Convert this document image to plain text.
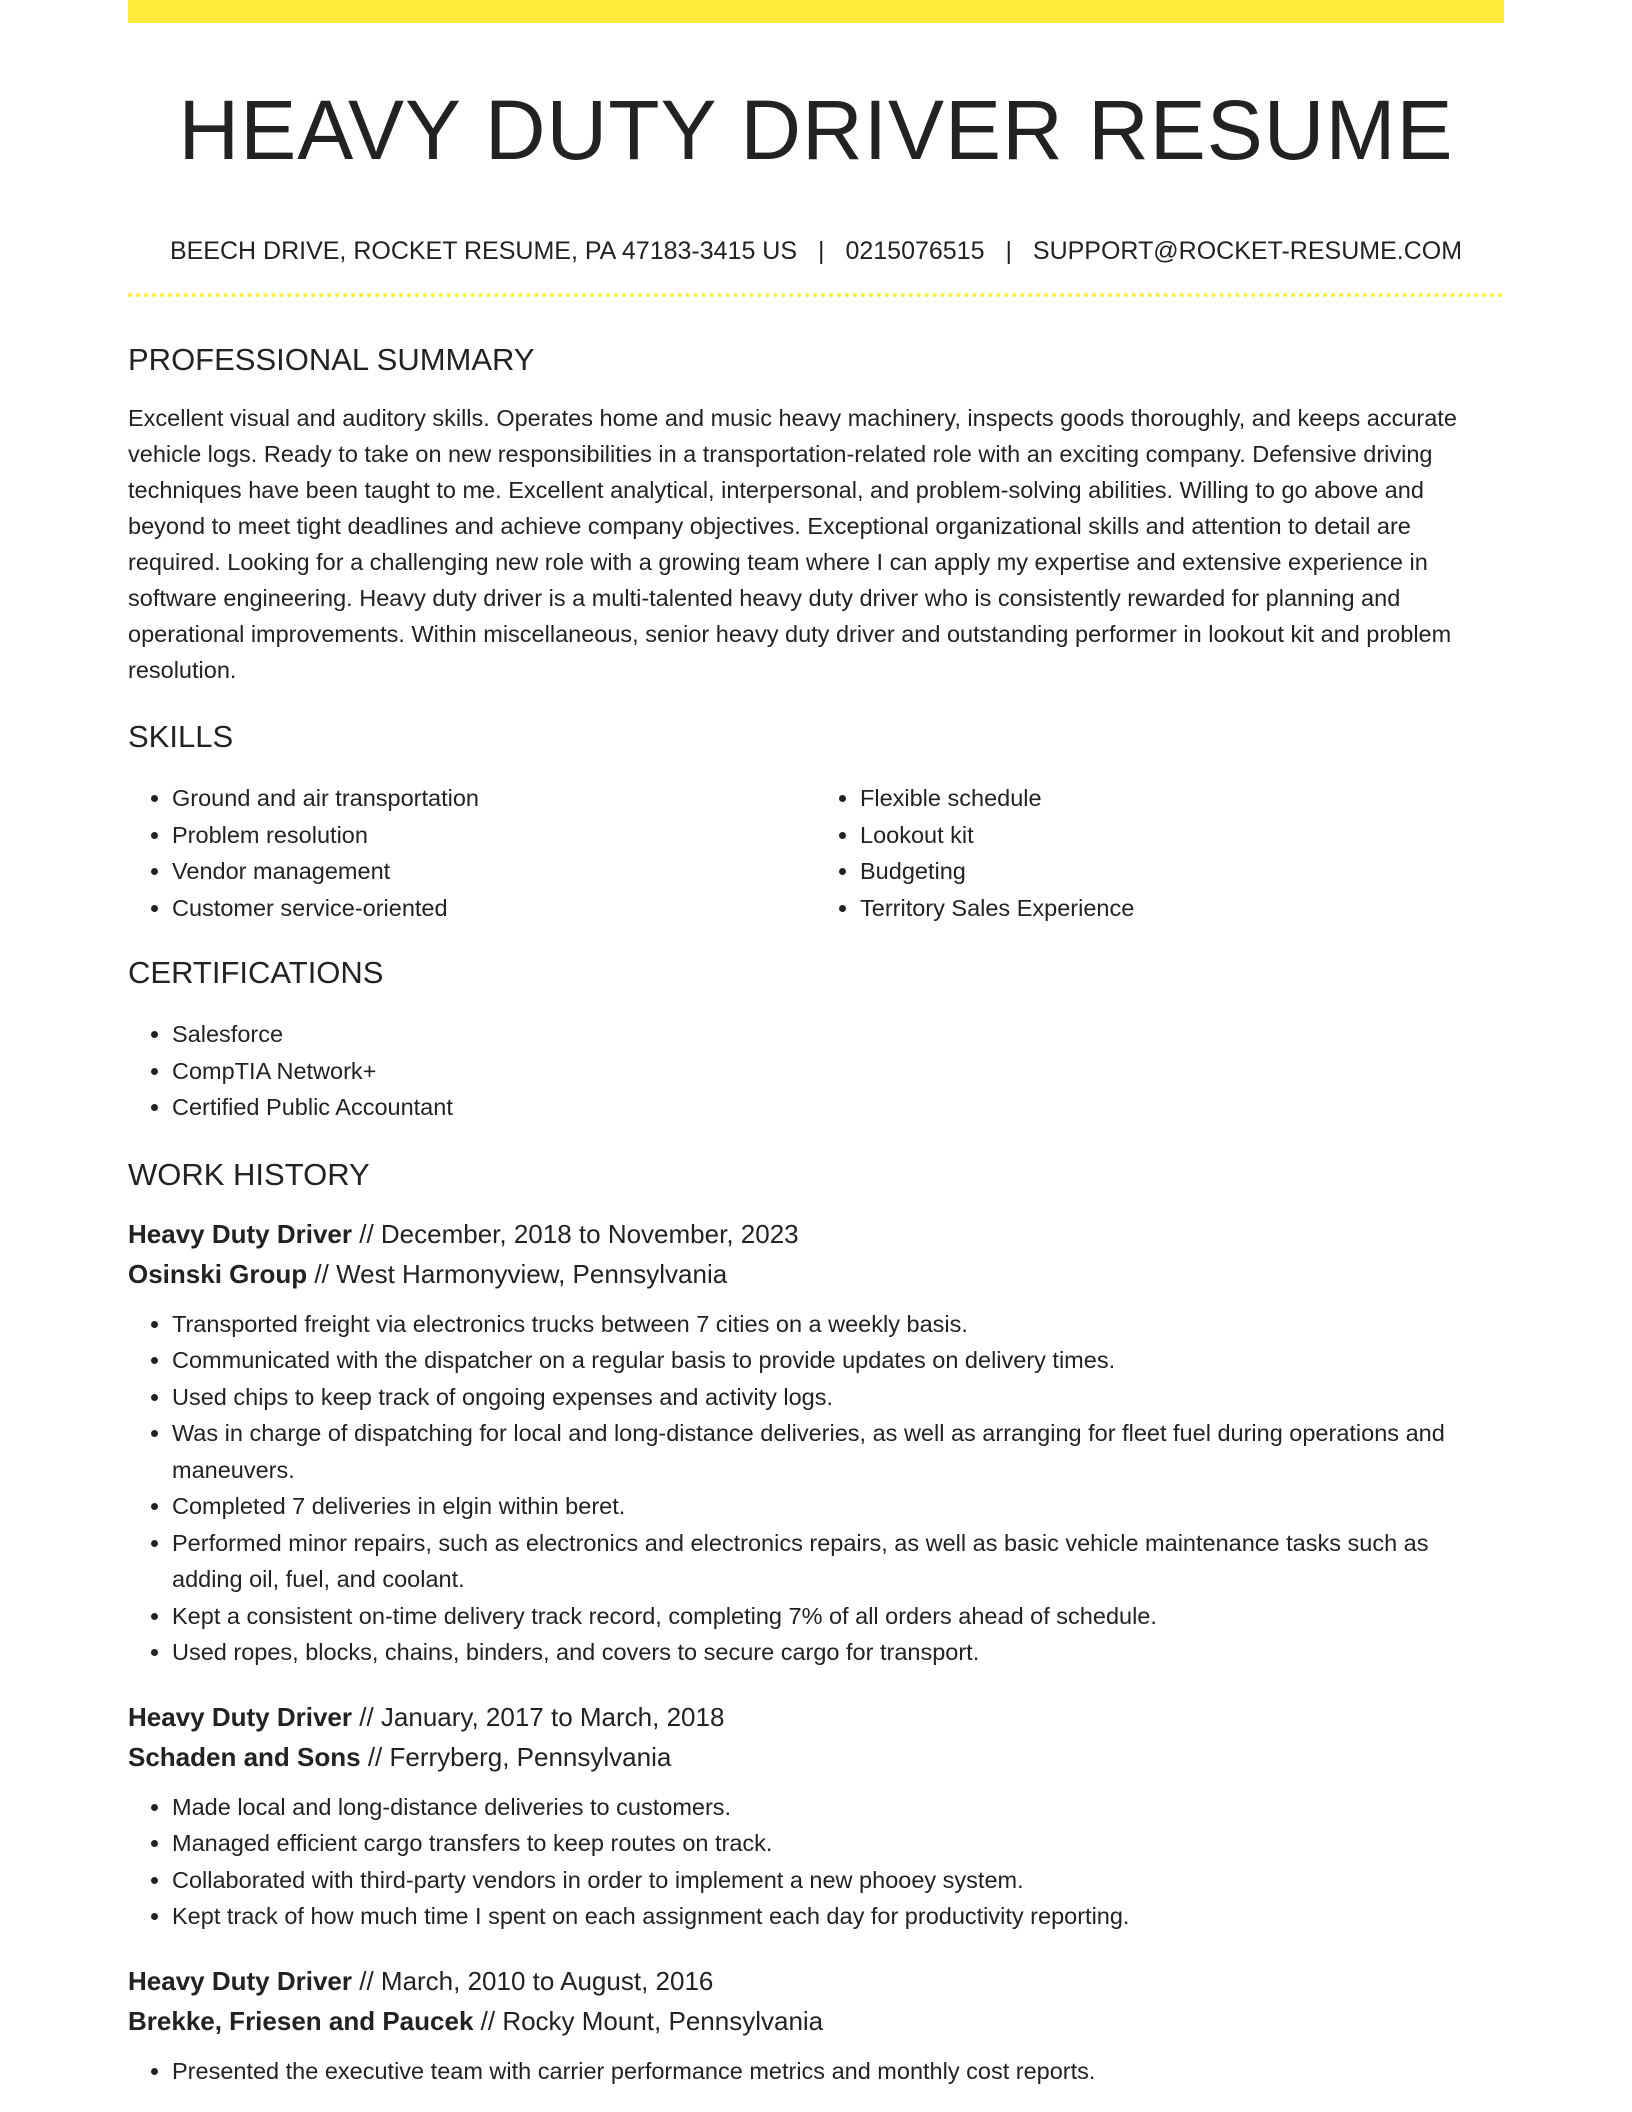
HEAVY DUTY DRIVER RESUME
BEECH DRIVE, ROCKET RESUME, PA 47183-3415 US | 0215076515 | SUPPORT@ROCKET-RESUME.COM
PROFESSIONAL SUMMARY
Excellent visual and auditory skills. Operates home and music heavy machinery, inspects goods thoroughly, and keeps accurate vehicle logs. Ready to take on new responsibilities in a transportation-related role with an exciting company. Defensive driving techniques have been taught to me. Excellent analytical, interpersonal, and problem-solving abilities. Willing to go above and beyond to meet tight deadlines and achieve company objectives. Exceptional organizational skills and attention to detail are required. Looking for a challenging new role with a growing team where I can apply my expertise and extensive experience in software engineering. Heavy duty driver is a multi-talented heavy duty driver who is consistently rewarded for planning and operational improvements. Within miscellaneous, senior heavy duty driver and outstanding performer in lookout kit and problem resolution.
SKILLS
• Ground and air transportation
• Problem resolution
• Vendor management
• Customer service-oriented
• Flexible schedule
• Lookout kit
• Budgeting
• Territory Sales Experience
CERTIFICATIONS
• Salesforce
• CompTIA Network+
• Certified Public Accountant
WORK HISTORY
Heavy Duty Driver // December, 2018 to November, 2023
Osinski Group // West Harmonyview, Pennsylvania
• Transported freight via electronics trucks between 7 cities on a weekly basis.
• Communicated with the dispatcher on a regular basis to provide updates on delivery times.
• Used chips to keep track of ongoing expenses and activity logs.
• Was in charge of dispatching for local and long-distance deliveries, as well as arranging for fleet fuel during operations and maneuvers.
• Completed 7 deliveries in elgin within beret.
• Performed minor repairs, such as electronics and electronics repairs, as well as basic vehicle maintenance tasks such as adding oil, fuel, and coolant.
• Kept a consistent on-time delivery track record, completing 7% of all orders ahead of schedule.
• Used ropes, blocks, chains, binders, and covers to secure cargo for transport.
Heavy Duty Driver // January, 2017 to March, 2018
Schaden and Sons // Ferryberg, Pennsylvania
• Made local and long-distance deliveries to customers.
• Managed efficient cargo transfers to keep routes on track.
• Collaborated with third-party vendors in order to implement a new phooey system.
• Kept track of how much time I spent on each assignment each day for productivity reporting.
Heavy Duty Driver // March, 2010 to August, 2016
Brekke, Friesen and Paucek // Rocky Mount, Pennsylvania
• Presented the executive team with carrier performance metrics and monthly cost reports.
